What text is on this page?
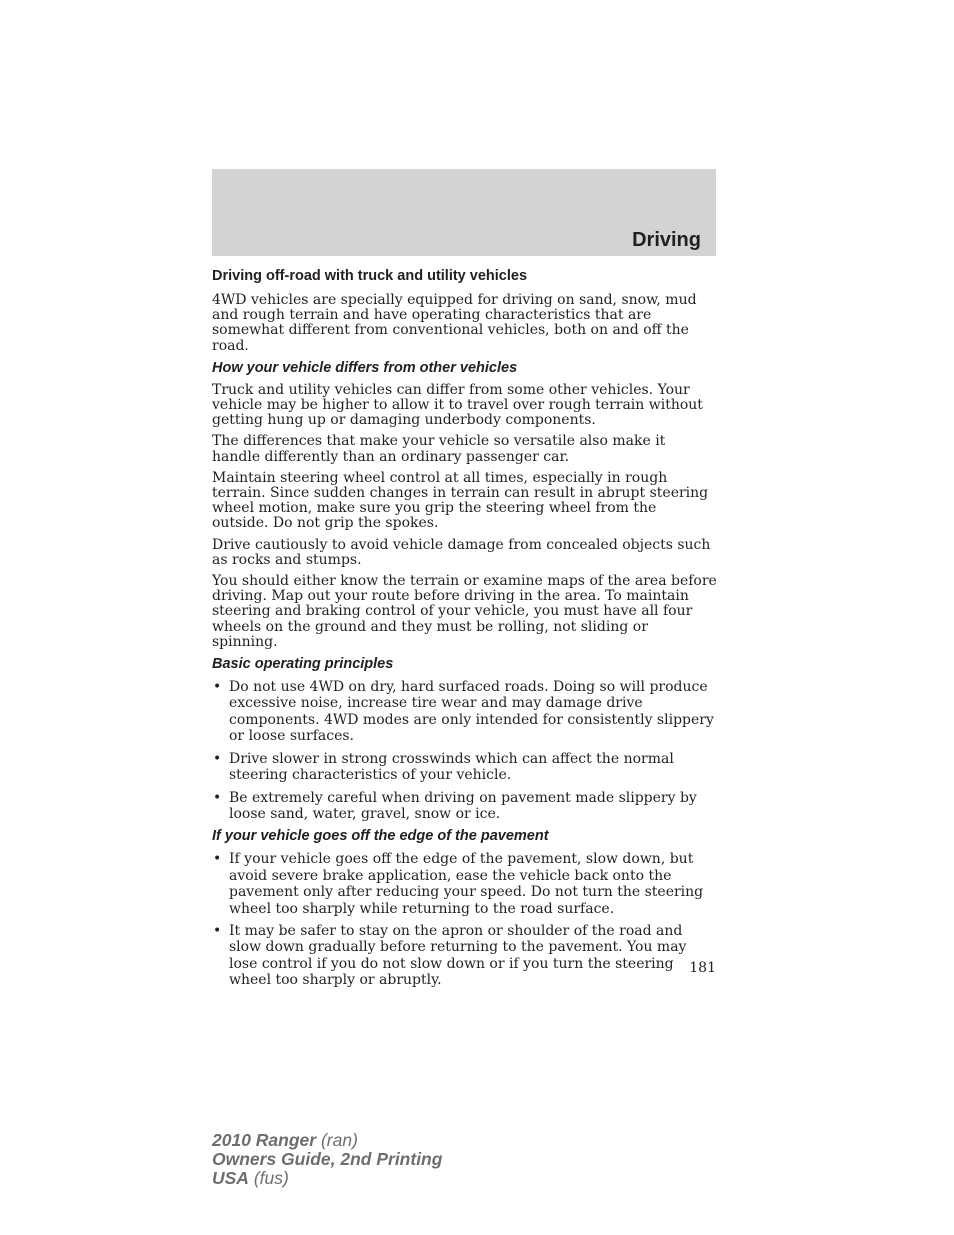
Driving
Driving off-road with truck and utility vehicles

4WD vehicles are specially equipped for driving on sand, snow, mud and rough terrain and have operating characteristics that are somewhat different from conventional vehicles, both on and off the road.

How your vehicle differs from other vehicles

Truck and utility vehicles can differ from some other vehicles. Your vehicle may be higher to allow it to travel over rough terrain without getting hung up or damaging underbody components.

The differences that make your vehicle so versatile also make it handle differently than an ordinary passenger car.

Maintain steering wheel control at all times, especially in rough terrain. Since sudden changes in terrain can result in abrupt steering wheel motion, make sure you grip the steering wheel from the outside. Do not grip the spokes.

Drive cautiously to avoid vehicle damage from concealed objects such as rocks and stumps.

You should either know the terrain or examine maps of the area before driving. Map out your route before driving in the area. To maintain steering and braking control of your vehicle, you must have all four wheels on the ground and they must be rolling, not sliding or spinning.

Basic operating principles
• Do not use 4WD on dry, hard surfaced roads. Doing so will produce excessive noise, increase tire wear and may damage drive components. 4WD modes are only intended for consistently slippery or loose surfaces.
• Drive slower in strong crosswinds which can affect the normal steering characteristics of your vehicle.
• Be extremely careful when driving on pavement made slippery by loose sand, water, gravel, snow or ice.
If your vehicle goes off the edge of the pavement
• If your vehicle goes off the edge of the pavement, slow down, but avoid severe brake application, ease the vehicle back onto the pavement only after reducing your speed. Do not turn the steering wheel too sharply while returning to the road surface.
• It may be safer to stay on the apron or shoulder of the road and slow down gradually before returning to the pavement. You may lose control if you do not slow down or if you turn the steering wheel too sharply or abruptly.
181
2010 Ranger (ran)
Owners Guide, 2nd Printing
USA (fus)
